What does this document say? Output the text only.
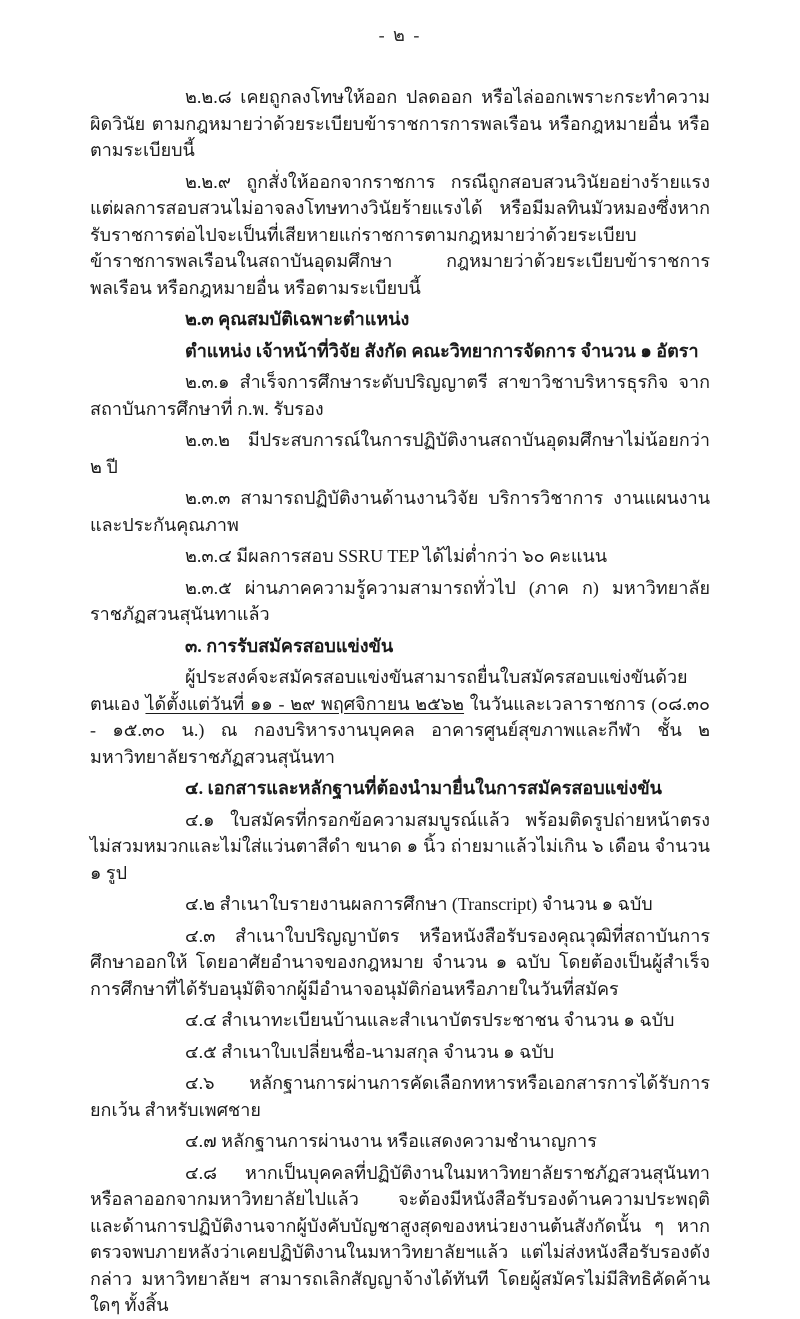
- ๒ -

๒.๒.๘ เคยถูกลงโทษให้ออก ปลดออก หรือไล่ออกเพราะกระทำความผิดวินัย ตามกฎหมายว่าด้วยระเบียบข้าราชการการพลเรือน หรือกฎหมายอื่น หรือตามระเบียบนี้

๒.๒.๙ ถูกสั่งให้ออกจากราชการ กรณีถูกสอบสวนวินัยอย่างร้ายแรงแต่ผลการสอบสวนไม่อาจลงโทษทางวินัยร้ายแรงได้ หรือมีมลทินมัวหมองซึ่งหากรับราชการต่อไปจะเป็นที่เสียหายแก่ราชการตามกฎหมายว่าด้วยระเบียบข้าราชการพลเรือนในสถาบันอุดมศึกษา กฎหมายว่าด้วยระเบียบข้าราชการพลเรือน หรือกฎหมายอื่น หรือตามระเบียบนี้

๒.๓ คุณสมบัติเฉพาะตำแหน่ง

ตำแหน่ง เจ้าหน้าที่วิจัย สังกัด คณะวิทยาการจัดการ จำนวน ๑ อัตรา

๒.๓.๑ สำเร็จการศึกษาระดับปริญญาตรี สาขาวิชาบริหารธุรกิจ จากสถาบันการศึกษาที่ ก.พ. รับรอง

๒.๓.๒ มีประสบการณ์ในการปฏิบัติงานสถาบันอุดมศึกษาไม่น้อยกว่า ๒ ปี

๒.๓.๓ สามารถปฏิบัติงานด้านงานวิจัย บริการวิชาการ งานแผนงานและประกันคุณภาพ

๒.๓.๔ มีผลการสอบ SSRU TEP ได้ไม่ต่ำกว่า ๖๐ คะแนน

๒.๓.๕ ผ่านภาคความรู้ความสามารถทั่วไป (ภาค ก) มหาวิทยาลัยราชภัฏสวนสุนันทาแล้ว

๓. การรับสมัครสอบแข่งขัน

ผู้ประสงค์จะสมัครสอบแข่งขันสามารถยื่นใบสมัครสอบแข่งขันด้วยตนเอง ได้ตั้งแต่วันที่ ๑๑ - ๒๙ พฤศจิกายน ๒๕๖๒ ในวันและเวลาราชการ (๐๘.๓๐ - ๑๕.๓๐ น.) ณ กองบริหารงานบุคคล อาคารศูนย์สุขภาพและกีฬา ชั้น ๒ มหาวิทยาลัยราชภัฏสวนสุนันทา

๔. เอกสารและหลักฐานที่ต้องนำมายื่นในการสมัครสอบแข่งขัน

๔.๑ ใบสมัครที่กรอกข้อความสมบูรณ์แล้ว พร้อมติดรูปถ่ายหน้าตรง ไม่สวมหมวกและไม่ใส่แว่นตาสีดำ ขนาด ๑ นิ้ว ถ่ายมาแล้วไม่เกิน ๖ เดือน จำนวน ๑ รูป

๔.๒ สำเนาใบรายงานผลการศึกษา (Transcript) จำนวน ๑ ฉบับ

๔.๓ สำเนาใบปริญญาบัตร หรือหนังสือรับรองคุณวุฒิที่สถาบันการศึกษาออกให้ โดยอาศัยอำนาจของกฎหมาย จำนวน ๑ ฉบับ โดยต้องเป็นผู้สำเร็จการศึกษาที่ได้รับอนุมัติจากผู้มีอำนาจอนุมัติก่อนหรือภายในวันที่สมัคร

๔.๔ สำเนาทะเบียนบ้านและสำเนาบัตรประชาชน จำนวน ๑ ฉบับ

๔.๕ สำเนาใบเปลี่ยนชื่อ-นามสกุล จำนวน ๑ ฉบับ

๔.๖ หลักฐานการผ่านการคัดเลือกทหารหรือเอกสารการได้รับการยกเว้น สำหรับเพศชาย

๔.๗ หลักฐานการผ่านงาน หรือแสดงความชำนาญการ

๔.๘ หากเป็นบุคคลที่ปฏิบัติงานในมหาวิทยาลัยราชภัฏสวนสุนันทา หรือลาออกจากมหาวิทยาลัยไปแล้ว จะต้องมีหนังสือรับรองด้านความประพฤติ และด้านการปฏิบัติงานจากผู้บังคับบัญชาสูงสุดของหน่วยงานต้นสังกัดนั้น ๆ หากตรวจพบภายหลังว่าเคยปฏิบัติงานในมหาวิทยาลัยฯแล้ว แต่ไม่ส่งหนังสือรับรองดังกล่าว มหาวิทยาลัยฯ สามารถเลิกสัญญาจ้างได้ทันที โดยผู้สมัครไม่มีสิทธิคัดค้านใดๆ ทั้งสิ้น
